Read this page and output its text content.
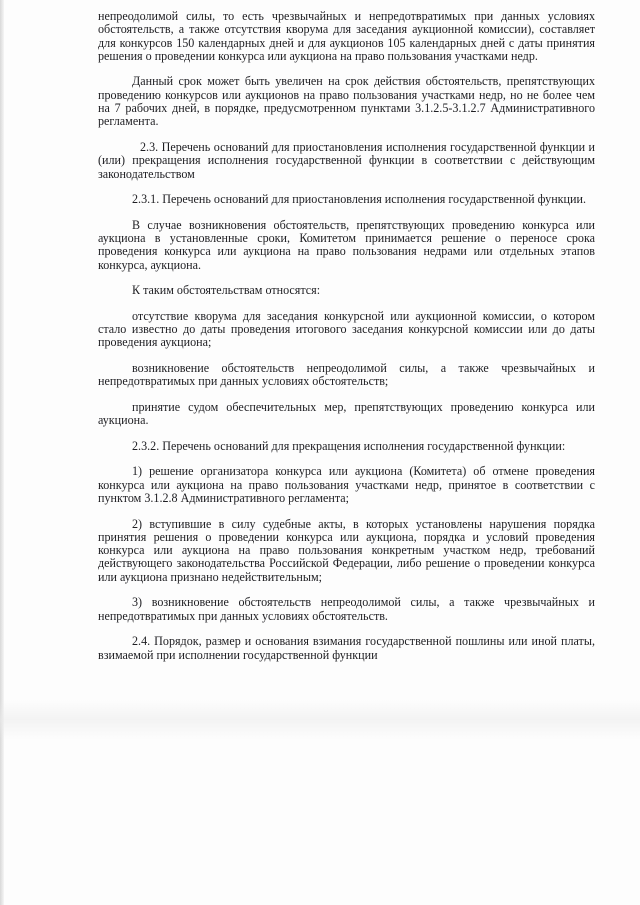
непреодолимой силы, то есть чрезвычайных и непредотвратимых при данных условиях обстоятельств, а также отсутствия кворума для заседания аукционной комиссии), составляет для конкурсов 150 календарных дней и для аукционов 105 календарных дней с даты принятия решения о проведении конкурса или аукциона на право пользования участками недр.

Данный срок может быть увеличен на срок действия обстоятельств, препятствующих проведению конкурсов или аукционов на право пользования участками недр, но не более чем на 7 рабочих дней, в порядке, предусмотренном пунктами 3.1.2.5-3.1.2.7 Административного регламента.

2.3. Перечень оснований для приостановления исполнения государственной функции и (или) прекращения исполнения государственной функции в соответствии с действующим законодательством

2.3.1. Перечень оснований для приостановления исполнения государственной функции.

В случае возникновения обстоятельств, препятствующих проведению конкурса или аукциона в установленные сроки, Комитетом принимается решение о переносе срока проведения конкурса или аукциона на право пользования недрами или отдельных этапов конкурса, аукциона.

К таким обстоятельствам относятся:

отсутствие кворума для заседания конкурсной или аукционной комиссии, о котором стало известно до даты проведения итогового заседания конкурсной комиссии или до даты проведения аукциона;

возникновение обстоятельств непреодолимой силы, а также чрезвычайных и непредотвратимых при данных условиях обстоятельств;

принятие судом обеспечительных мер, препятствующих проведению конкурса или аукциона.

2.3.2. Перечень оснований для прекращения исполнения государственной функции:

1) решение организатора конкурса или аукциона (Комитета) об отмене проведения конкурса или аукциона на право пользования участками недр, принятое в соответствии с пунктом 3.1.2.8 Административного регламента;

2) вступившие в силу судебные акты, в которых установлены нарушения порядка принятия решения о проведении конкурса или аукциона, порядка и условий проведения конкурса или аукциона на право пользования конкретным участком недр, требований действующего законодательства Российской Федерации, либо решение о проведении конкурса или аукциона признано недействительным;

3) возникновение обстоятельств непреодолимой силы, а также чрезвычайных и непредотвратимых при данных условиях обстоятельств.

2.4. Порядок, размер и основания взимания государственной пошлины или иной платы, взимаемой при исполнении государственной функции
